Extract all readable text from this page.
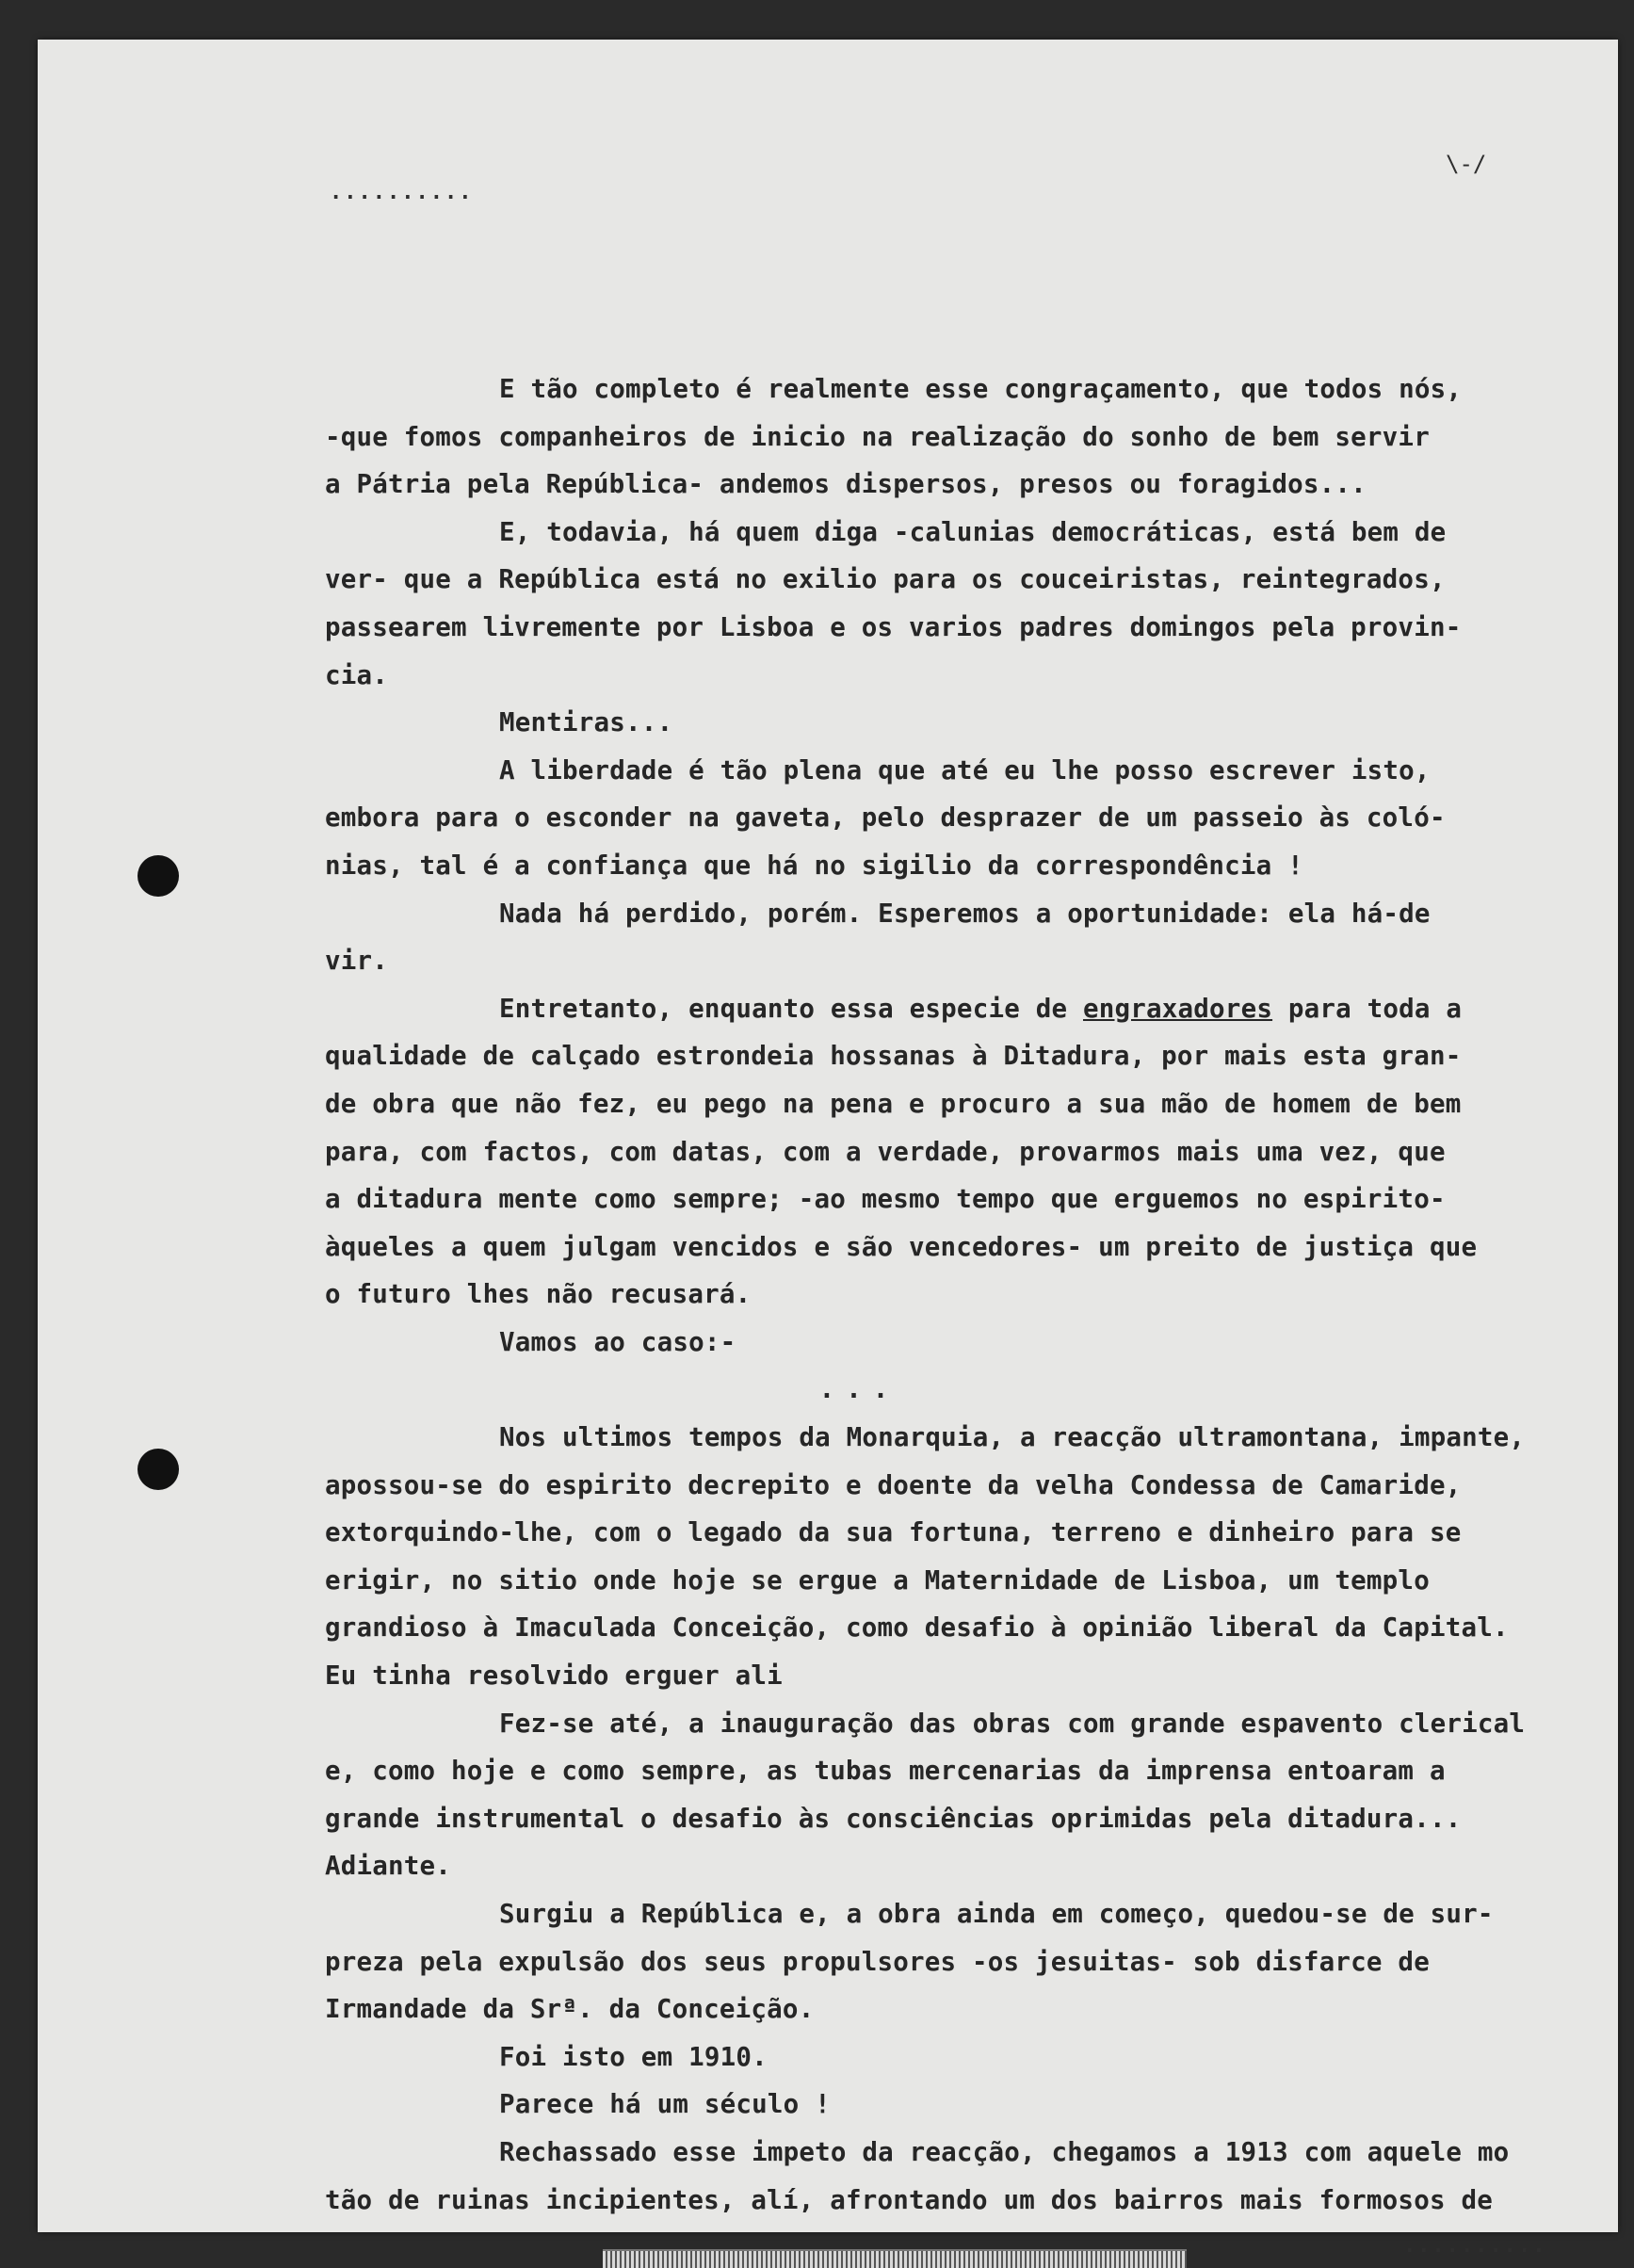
..........
\-/
E tão completo é realmente esse congraçamento, que todos nós,
-que fomos companheiros de inicio na realização do sonho de bem servir
a Pátria pela República- andemos dispersos, presos ou foragidos...
E, todavia, há quem diga -calunias democráticas, está bem de
ver- que a República está no exilio para os couceiristas, reintegrados,
passearem livremente por Lisboa e os varios padres domingos pela provin-
cia.
Mentiras...
A liberdade é tão plena que até eu lhe posso escrever isto,
embora para o esconder na gaveta, pelo desprazer de um passeio às coló-
nias, tal é a confiança que há no sigilio da correspondência !
Nada há perdido, porém. Esperemos a oportunidade: ela há-de
vir.
Entretanto, enquanto essa especie de engraxadores para toda a
qualidade de calçado estrondeia hossanas à Ditadura, por mais esta gran-
de obra que não fez, eu pego na pena e procuro a sua mão de homem de bem
para, com factos, com datas, com a verdade, provarmos mais uma vez, que
a ditadura mente como sempre; -ao mesmo tempo que erguemos no espirito-
àqueles a quem julgam vencidos e são vencedores- um preito de justiça que
o futuro lhes não recusará.
Vamos ao caso:-
...
Nos ultimos tempos da Monarquia, a reacção ultramontana, impante,
apossou-se do espirito decrepito e doente da velha Condessa de Camaride,
extorquindo-lhe, com o legado da sua fortuna, terreno e dinheiro para se
erigir, no sitio onde hoje se ergue a Maternidade de Lisboa, um templo
grandioso à Imaculada Conceição, como desafio à opinião liberal da Capital.
Eu tinha resolvido erguer ali
Fez-se até, a inauguração das obras com grande espavento clerical
e, como hoje e como sempre, as tubas mercenarias da imprensa entoaram a
grande instrumental o desafio às consciências oprimidas pela ditadura...
Adiante.
Surgiu a República e, a obra ainda em começo, quedou-se de sur-
preza pela expulsão dos seus propulsores -os jesuitas- sob disfarce de
Irmandade da Srª. da Conceição.
Foi isto em 1910.
Parece há um século !
Rechassado esse impeto da reacção, chegamos a 1913 com aquele mo
tão de ruinas incipientes, alí, afrontando um dos bairros mais formosos de
..........
